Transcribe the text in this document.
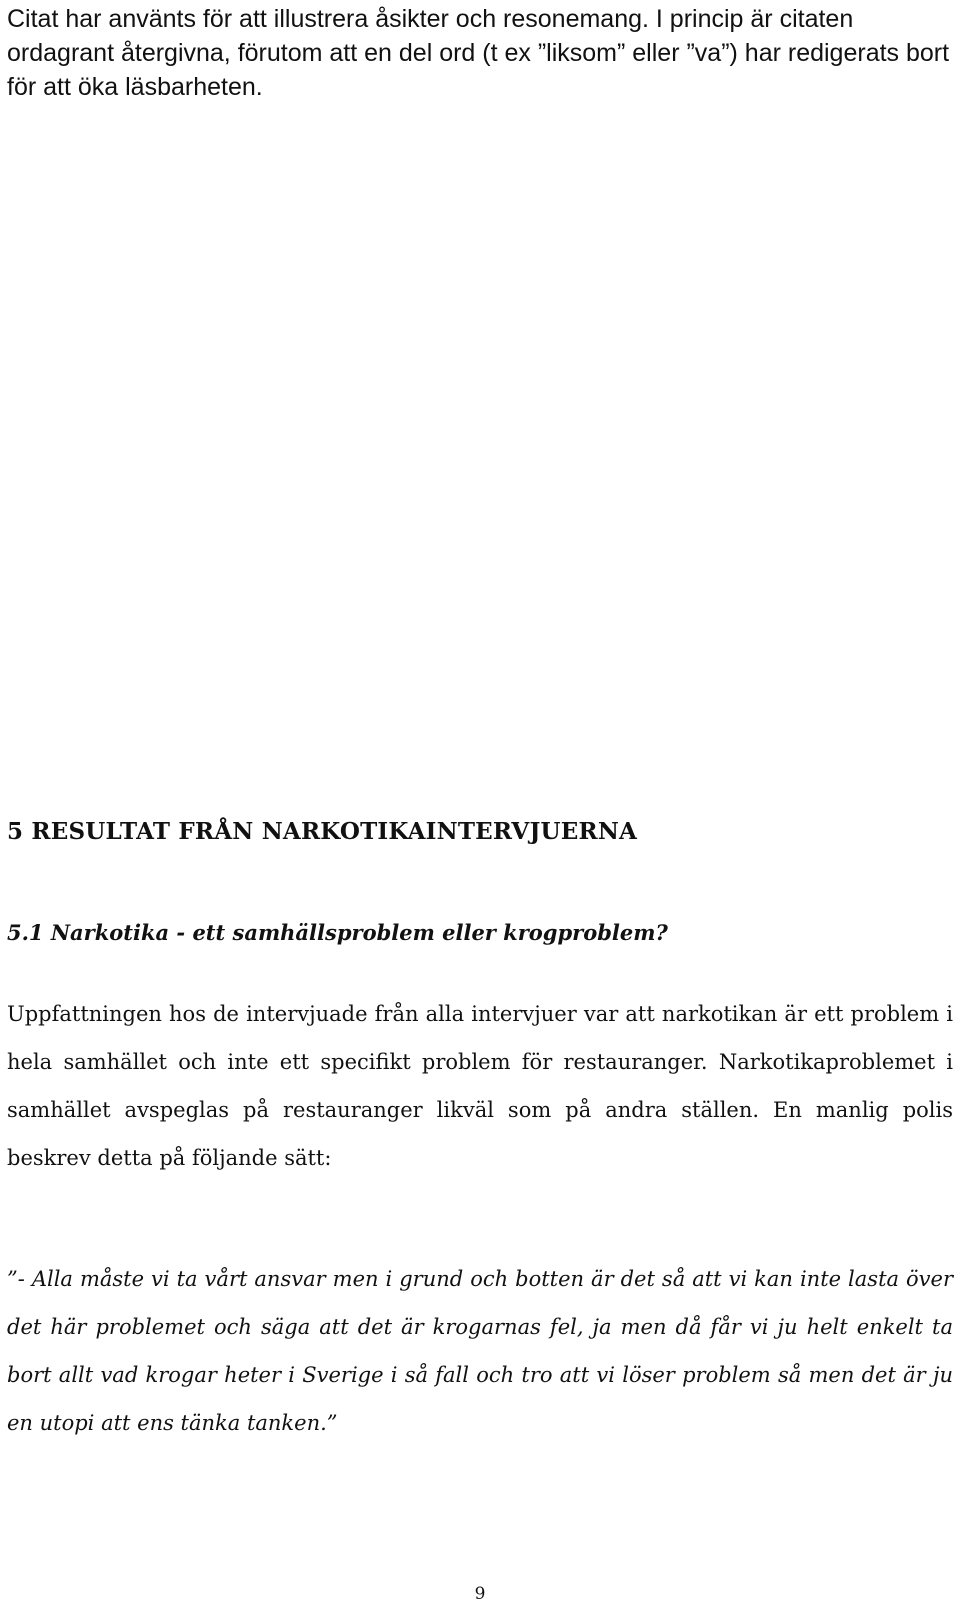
Citat har använts för att illustrera åsikter och resonemang. I princip är citaten ordagrant återgivna, förutom att en del ord (t ex ”liksom” eller ”va”) har redigerats bort för att öka läsbarheten.

5 RESULTAT FRÅN NARKOTIKAINTERVJUERNA
5.1 Narkotika - ett samhällsproblem eller krogproblem?

Uppfattningen hos de intervjuade från alla intervjuer var att narkotikan är ett problem i hela samhället och inte ett specifikt problem för restauranger. Narkotikaproblemet i samhället avspeglas på restauranger likväl som på andra ställen. En manlig polis beskrev detta på följande sätt:

”- Alla måste vi ta vårt ansvar men i grund och botten är det så att vi kan inte lasta över det här problemet och säga att det är krogarnas fel, ja men då får vi ju helt enkelt ta bort allt vad krogar heter i Sverige i så fall och tro att vi löser problem så men det är ju en utopi att ens tänka tanken.”

9
